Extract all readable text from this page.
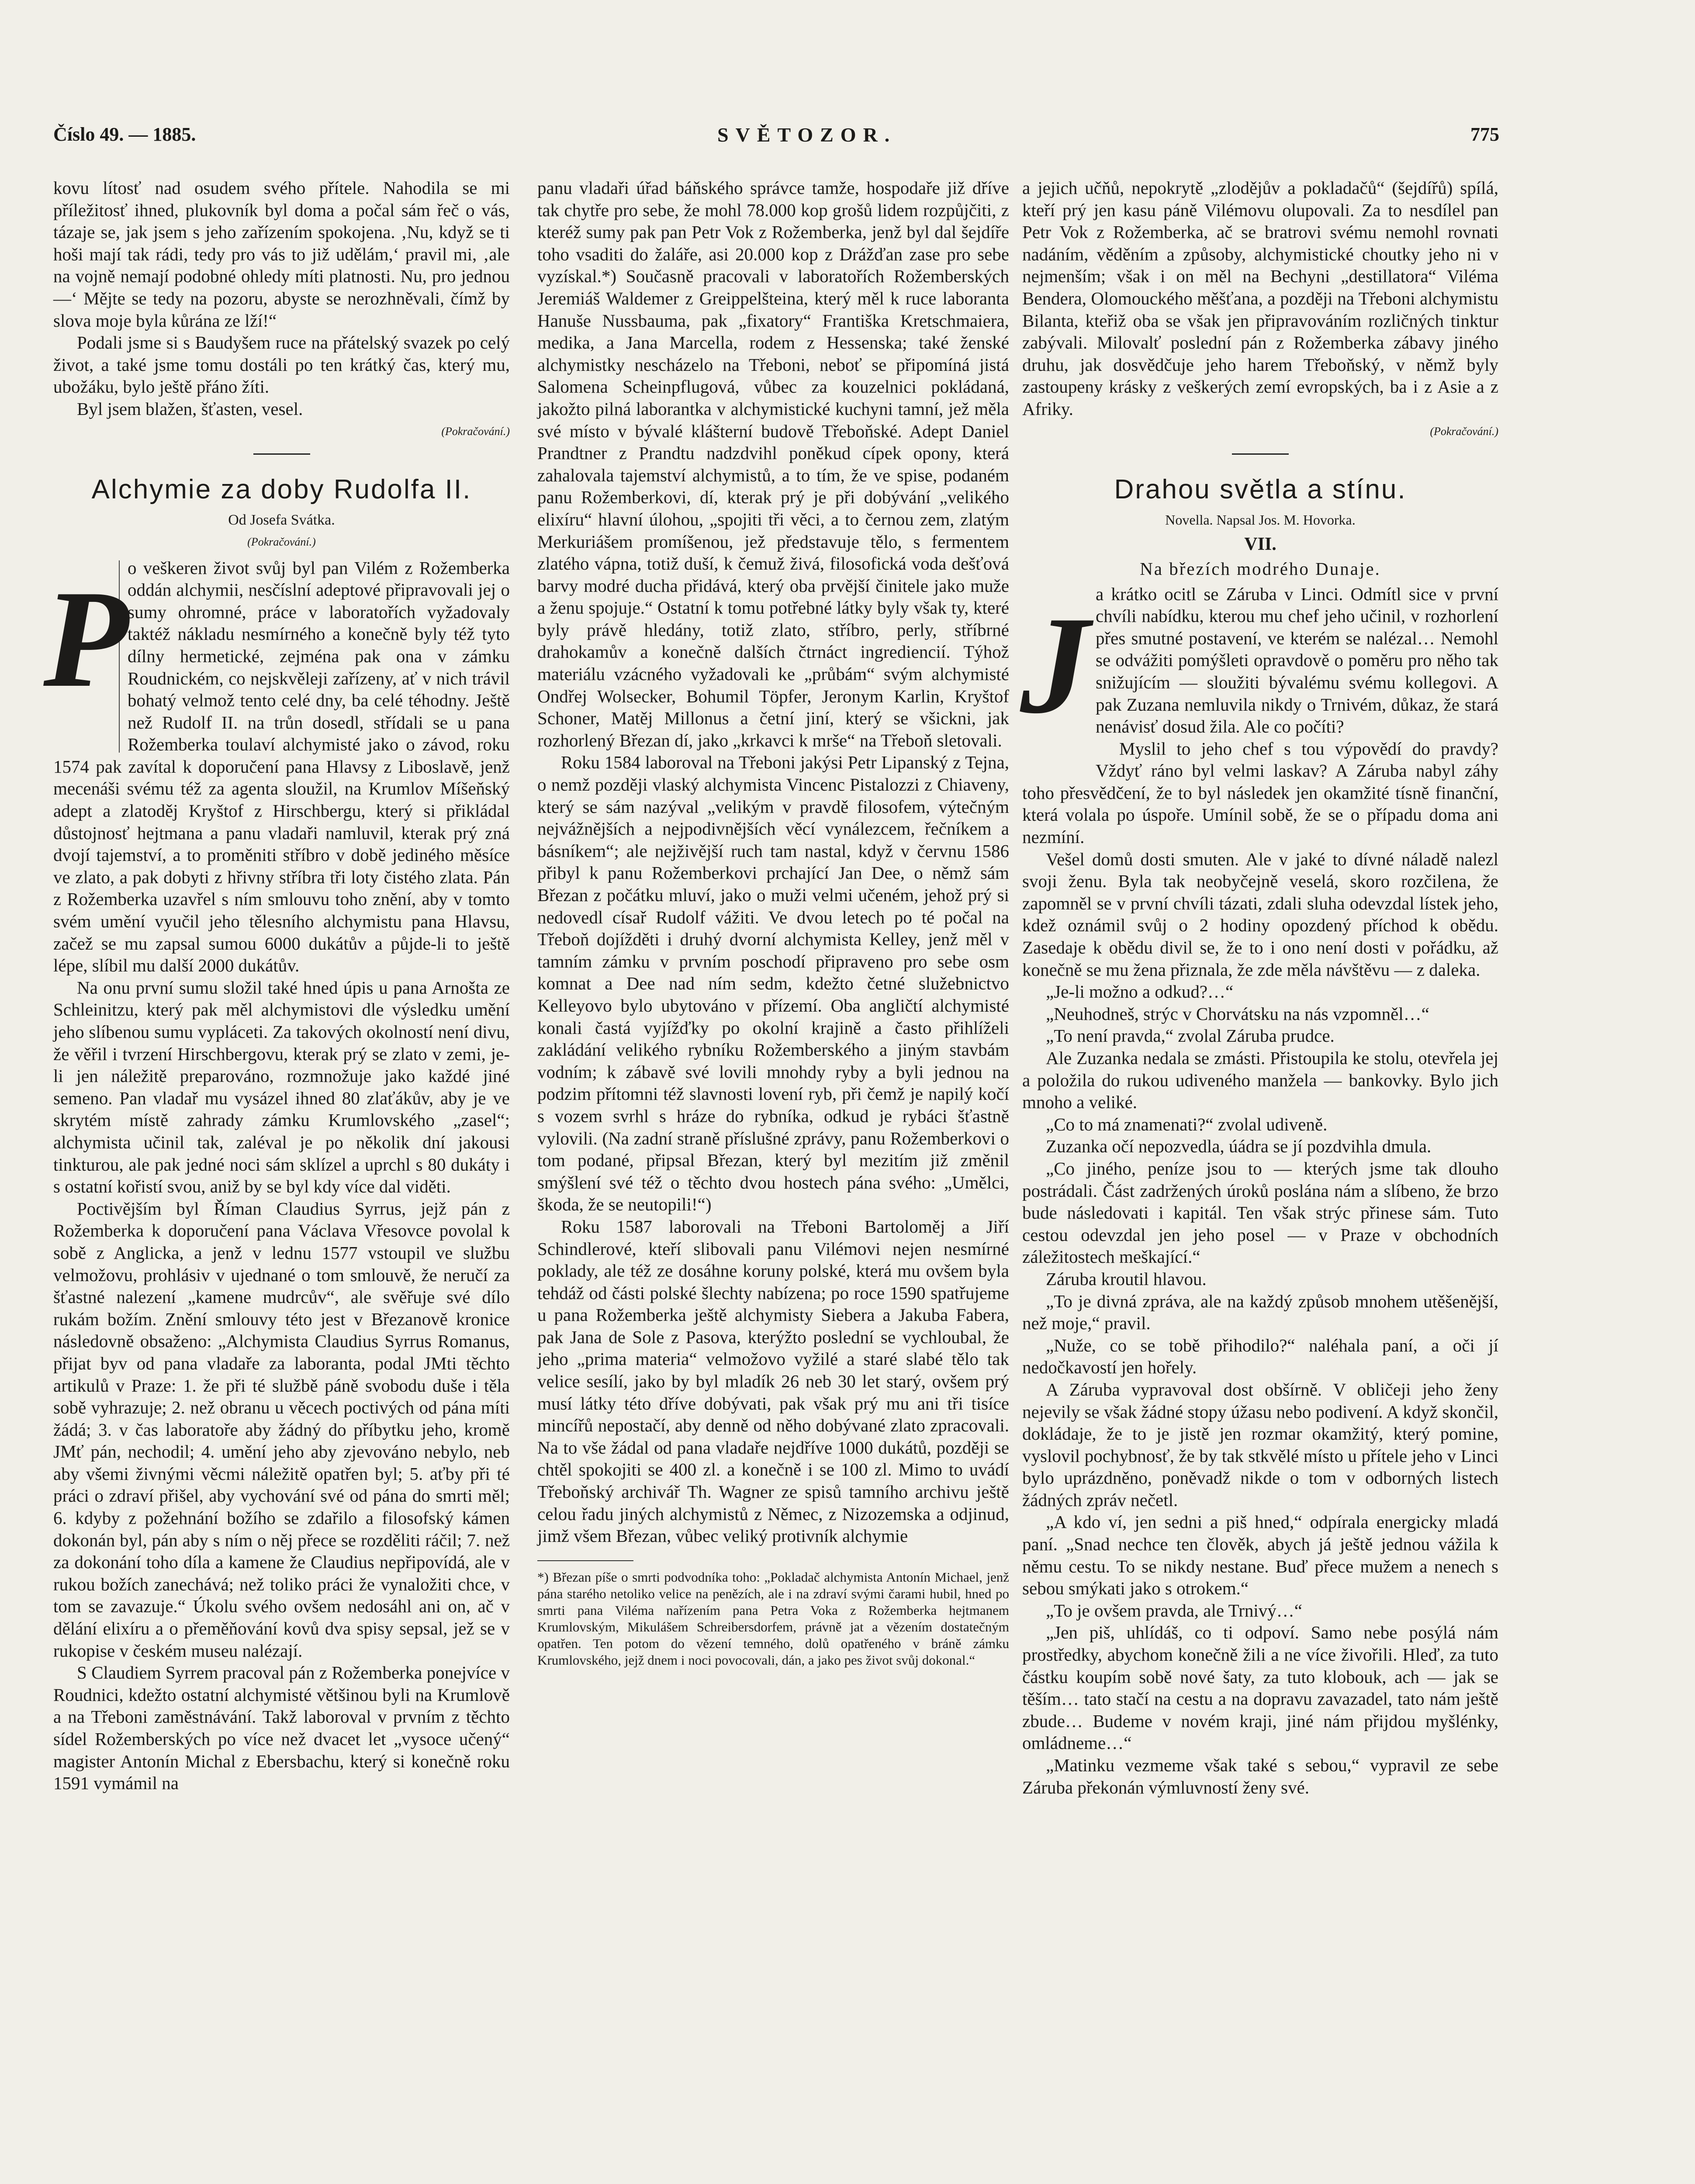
Číslo 49. — 1885.	SVĚTOZOR.	775

kovu lítosť nad osudem svého přítele. Nahodila se mi příležitosť ihned, plukovník byl doma a počal sám řeč o vás, tázaje se, jak jsem s jeho zařízením spokojena. ‚Nu, když se ti hoši mají tak rádi, tedy pro vás to již udělám,‘ pravil mi, ‚ale na vojně nemají podobné ohledy míti platnosti. Nu, pro jednou —‘ Mějte se tedy na pozoru, abyste se nerozhněvali, čímž by slova moje byla kůrána ze lží!“

Podali jsme si s Baudyšem ruce na přátelský svazek po celý život, a také jsme tomu dostáli po ten krátký čas, který mu, ubožáku, bylo ještě přáno žíti.

Byl jsem blažen, šťasten, vesel.

(Pokračování.)
Alchymie za doby Rudolfa II.
Od Josefa Svátka.
(Pokračování.)
P

o veškeren život svůj byl pan Vilém z Rožemberka oddán alchymii, nesčíslní adeptové připravovali jej o sumy ohromné, práce v laboratořích vyžadovaly taktéž nákladu nesmírného a konečně byly též tyto dílny hermetické, zejména pak ona v zámku Roudnickém, co nejskvěleji zařízeny, ať v nich trávil bohatý velmož tento celé dny, ba celé téhodny. Ještě než Rudolf II. na trůn dosedl, střídali se u pana Rožemberka toulaví alchymisté jako o závod, roku 1574 pak zavítal k doporučení pana Hlavsy z Liboslavě, jenž mecenáši svému též za agenta sloužil, na Krumlov Míšeňský adept a zlatoděj Kryštof z Hirschbergu, který si přikládal důstojnosť hejtmana a panu vladaři namluvil, kterak prý zná dvojí tajemství, a to proměniti stříbro v době jediného měsíce ve zlato, a pak dobyti z hřivny stříbra tři loty čistého zlata. Pán z Rožemberka uzavřel s ním smlouvu toho znění, aby v tomto svém umění vyučil jeho tělesního alchymistu pana Hlavsu, začež se mu zapsal sumou 6000 dukátův a půjde-li to ještě lépe, slíbil mu další 2000 dukátův.

Na onu první sumu složil také hned úpis u pana Arnošta ze Schleinitzu, který pak měl alchymistovi dle výsledku umění jeho slíbenou sumu vypláceti. Za takových okolností není divu, že věřil i tvrzení Hirschbergovu, kterak prý se zlato v zemi, je-li jen náležitě preparováno, rozmnožuje jako každé jiné semeno. Pan vladař mu vysázel ihned 80 zlaťákův, aby je ve skrytém místě zahrady zámku Krumlovského „zasel“; alchymista učinil tak, zaléval je po několik dní jakousi tinkturou, ale pak jedné noci sám sklízel a uprchl s 80 dukáty i s ostatní kořistí svou, aniž by se byl kdy více dal viděti.

Poctivějším byl Říman Claudius Syrrus, jejž pán z Rožemberka k doporučení pana Václava Vřesovce povolal k sobě z Anglicka, a jenž v lednu 1577 vstoupil ve službu velmožovu, prohlásiv v ujednané o tom smlouvě, že neručí za šťastné nalezení „kamene mudrcův“, ale svěřuje své dílo rukám božím. Znění smlouvy této jest v Březanově kronice následovně obsaženo: „Alchymista Claudius Syrrus Romanus, přijat byv od pana vladaře za laboranta, podal JMti těchto artikulů v Praze: 1. že při té službě páně svobodu duše i těla sobě vyhrazuje; 2. než obranu u věcech poctivých od pána míti žádá; 3. v čas laboratoře aby žádný do příbytku jeho, kromě JMť pán, nechodil; 4. umění jeho aby zjevováno nebylo, neb aby všemi živnými věcmi náležitě opatřen byl; 5. aťby při té práci o zdraví přišel, aby vychování své od pána do smrti měl; 6. kdyby z požehnání božího se zdařilo a filosofský kámen dokonán byl, pán aby s ním o něj přece se rozděliti ráčil; 7. než za dokonání toho díla a kamene že Claudius nepřipovídá, ale v rukou božích zanechává; než toliko práci že vynaložiti chce, v tom se zavazuje.“ Úkolu svého ovšem nedosáhl ani on, ač v dělání elixíru a o přeměňování kovů dva spisy sepsal, jež se v rukopise v českém museu nalézají.

S Claudiem Syrrem pracoval pán z Rožemberka ponejvíce v Roudnici, kdežto ostatní alchymisté většinou byli na Krumlově a na Třeboni zaměstnávání. Takž laboroval v prvním z těchto sídel Rožemberských po více než dvacet let „vysoce učený“ magister Antonín Michal z Ebersbachu, který si konečně roku 1591 vymámil na

panu vladaři úřad báňského správce tamže, hospodaře již dříve tak chytře pro sebe, že mohl 78.000 kop grošů lidem rozpůjčiti, z kteréž sumy pak pan Petr Vok z Rožemberka, jenž byl dal šejdíře toho vsaditi do žaláře, asi 20.000 kop z Drážďan zase pro sebe vyzískal.*) Současně pracovali v laboratořích Rožemberských Jeremiáš Waldemer z Greippelšteina, který měl k ruce laboranta Hanuše Nussbauma, pak „fixatory“ Františka Kretschmaiera, medika, a Jana Marcella, rodem z Hessenska; také ženské alchymistky nescházelo na Třeboni, neboť se připomíná jistá Salomena Scheinpflugová, vůbec za kouzelnici pokládaná, jakožto pilná laborantka v alchymistické kuchyni tamní, jež měla své místo v bývalé klášterní budově Třeboňské. Adept Daniel Prandtner z Prandtu nadzdvihl poněkud cípek opony, která zahalovala tajemství alchymistů, a to tím, že ve spise, podaném panu Rožemberkovi, dí, kterak prý je při dobývání „velikého elixíru“ hlavní úlohou, „spojiti tři věci, a to černou zem, zlatým Merkuriášem promíšenou, jež představuje tělo, s fermentem zlatého vápna, totiž duší, k čemuž živá, filosofická voda dešťová barvy modré ducha přidává, který oba prvější činitele jako muže a ženu spojuje.“ Ostatní k tomu potřebné látky byly však ty, které byly právě hledány, totiž zlato, stříbro, perly, stříbrné drahokamův a konečně dalších čtrnáct ingrediencií. Týhož materiálu vzácného vyžadovali ke „průbám“ svým alchymisté Ondřej Wolsecker, Bohumil Töpfer, Jeronym Karlin, Kryštof Schoner, Matěj Millonus a četní jiní, který se všickni, jak rozhorlený Březan dí, jako „krkavci k mrše“ na Třeboň sletovali.

Roku 1584 laboroval na Třeboni jakýsi Petr Lipanský z Tejna, o nemž později vlaský alchymista Vincenc Pistalozzi z Chiaveny, který se sám nazýval „velikým v pravdě filosofem, výtečným nejvážnějších a nejpodivnějších věcí vynálezcem, řečníkem a básníkem“; ale nejživější ruch tam nastal, když v červnu 1586 přibyl k panu Rožemberkovi prchající Jan Dee, o němž sám Březan z počátku mluví, jako o muži velmi učeném, jehož prý si nedovedl císař Rudolf vážiti. Ve dvou letech po té počal na Třeboň dojížděti i druhý dvorní alchymista Kelley, jenž měl v tamním zámku v prvním poschodí připraveno pro sebe osm komnat a Dee nad ním sedm, kdežto četné služebnictvo Kelleyovo bylo ubytováno v přízemí. Oba angličtí alchymisté konali častá vyjížďky po okolní krajině a často přihlíželi zakládání velikého rybníku Rožemberského a jiným stavbám vodním; k zábavě své lovili mnohdy ryby a byli jednou na podzim přítomni též slavnosti lovení ryb, při čemž je napilý kočí s vozem svrhl s hráze do rybníka, odkud je rybáci šťastně vylovili. (Na zadní straně příslušné zprávy, panu Rožemberkovi o tom podané, připsal Březan, který byl mezitím již změnil smýšlení své též o těchto dvou hostech pána svého: „Umělci, škoda, že se neutopili!“)

Roku 1587 laborovali na Třeboni Bartoloměj a Jiří Schindlerové, kteří slibovali panu Vilémovi nejen nesmírné poklady, ale též ze dosáhne koruny polské, která mu ovšem byla tehdáž od části polské šlechty nabízena; po roce 1590 spatřujeme u pana Rožemberka ještě alchymisty Siebera a Jakuba Fabera, pak Jana de Sole z Pasova, kterýžto poslední se vychloubal, že jeho „prima materia“ velmožovo vyžilé a staré slabé tělo tak velice sesílí, jako by byl mladík 26 neb 30 let starý, ovšem prý musí látky této dříve dobývati, pak však prý mu ani tři tisíce mincířů nepostačí, aby denně od něho dobývané zlato zpracovali. Na to vše žádal od pana vladaře nejdříve 1000 dukátů, později se chtěl spokojiti se 400 zl. a konečně i se 100 zl. Mimo to uvádí Třeboňský archivář Th. Wagner ze spisů tamního archivu ještě celou řadu jiných alchymistů z Němec, z Nizozemska a odjinud, jimž všem Březan, vůbec veliký protivník alchymie

*) Březan píše o smrti podvodníka toho: „Pokladač alchymista Antonín Michael, jenž pána starého netoliko velice na penězích, ale i na zdraví svými čarami hubil, hned po smrti pana Viléma nařízením pana Petra Voka z Rožemberka hejtmanem Krumlovským, Mikulášem Schreibersdorfem, právně jat a vězením dostatečným opatřen. Ten potom do vězení temného, dolů opatřeného v bráně zámku Krumlovského, jejž dnem i noci povocovali, dán, a jako pes život svůj dokonal.“

a jejich učňů, nepokrytě „zlodějův a pokladačů“ (šejdířů) spílá, kteří prý jen kasu páně Vilémovu olupovali. Za to nesdílel pan Petr Vok z Rožemberka, ač se bratrovi svému nemohl rovnati nadáním, věděním a způsoby, alchymistické choutky jeho ni v nejmenším; však i on měl na Bechyni „destillatora“ Viléma Bendera, Olomouckého měšťana, a později na Třeboni alchymistu Bilanta, kteřiž oba se však jen připravováním rozličných tinktur zabývali. Milovalť poslední pán z Rožemberka zábavy jiného druhu, jak dosvědčuje jeho harem Třeboňský, v němž byly zastoupeny krásky z veškerých zemí evropských, ba i z Asie a z Afriky.

(Pokračování.)
Drahou světla a stínu.
Novella. Napsal Jos. M. Hovorka.
VII.
Na březích modrého Dunaje.
J a krátko ocitl se Záruba v Linci. Odmítl sice v první chvíli nabídku, kterou mu chef jeho učinil, v rozhorlení přes smutné postavení, ve kterém se nalézal… Nemohl se odvážiti pomýšleti opravdově o poměru pro něho tak snižujícím — sloužiti bývalému svému kollegovi. A pak Zuzana nemluvila nikdy o Trnivém, důkaz, že stará nenávisť dosud žila. Ale co počíti?

Myslil to jeho chef s tou výpovědí do pravdy? Vždyť ráno byl velmi laskav? A Záruba nabyl záhy toho přesvědčení, že to byl následek jen okamžité tísně finanční, která volala po úspoře. Umínil sobě, že se o případu doma ani nezmíní.

Vešel domů dosti smuten. Ale v jaké to dívné náladě nalezl svoji ženu. Byla tak neobyčejně veselá, skoro rozčilena, že zapomněl se v první chvíli tázati, zdali sluha odevzdal lístek jeho, kdež oznámil svůj o 2 hodiny opozdený příchod k obědu. Zasedaje k obědu divil se, že to i ono není dosti v pořádku, až konečně se mu žena přiznala, že zde měla návštěvu — z daleka.

„Je-li možno a odkud?…“

„Neuhodneš, strýc v Chorvátsku na nás vzpomněl…“

„To není pravda,“ zvolal Záruba prudce.

Ale Zuzanka nedala se zmásti. Přistoupila ke stolu, otevřela jej a položila do rukou udiveného manžela — bankovky. Bylo jich mnoho a veliké.

„Co to má znamenati?“ zvolal udiveně.

Zuzanka očí nepozvedla, úádra se jí pozdvihla dmula.

„Co jiného, peníze jsou to — kterých jsme tak dlouho postrádali. Část zadržených úroků poslána nám a slíbeno, že brzo bude následovati i kapitál. Ten však strýc přinese sám. Tuto cestou odevzdal jen jeho posel — v Praze v obchodních záležitostech meškající.“

Záruba kroutil hlavou.

„To je divná zpráva, ale na každý způsob mnohem utěšenější, než moje,“ pravil.

„Nuže, co se tobě přihodilo?“ naléhala paní, a oči jí nedočkavostí jen hořely.

A Záruba vypravoval dost obšírně. V obličeji jeho ženy nejevily se však žádné stopy úžasu nebo podivení. A když skončil, dokládaje, že to je jistě jen rozmar okamžitý, který pomine, vyslovil pochybnosť, že by tak stkvělé místo u přítele jeho v Linci bylo uprázdněno, poněvadž nikde o tom v odborných listech žádných zpráv nečetl.

„A kdo ví, jen sedni a piš hned,“ odpírala energicky mladá paní. „Snad nechce ten člověk, abych já ještě jednou vážila k němu cestu. To se nikdy nestane. Buď přece mužem a nenech s sebou smýkati jako s otrokem.“

„To je ovšem pravda, ale Trnivý…“

„Jen piš, uhlídáš, co ti odpoví. Samo nebe posýlá nám prostředky, abychom konečně žili a ne více živořili. Hleď, za tuto částku koupím sobě nové šaty, za tuto klobouk, ach — jak se těším… tato stačí na cestu a na dopravu zavazadel, tato nám ještě zbude… Budeme v novém kraji, jiné nám přijdou myšlénky, omládneme…“

„Matinku vezmeme však také s sebou,“ vypravil ze sebe Záruba překonán výmluvností ženy své.
